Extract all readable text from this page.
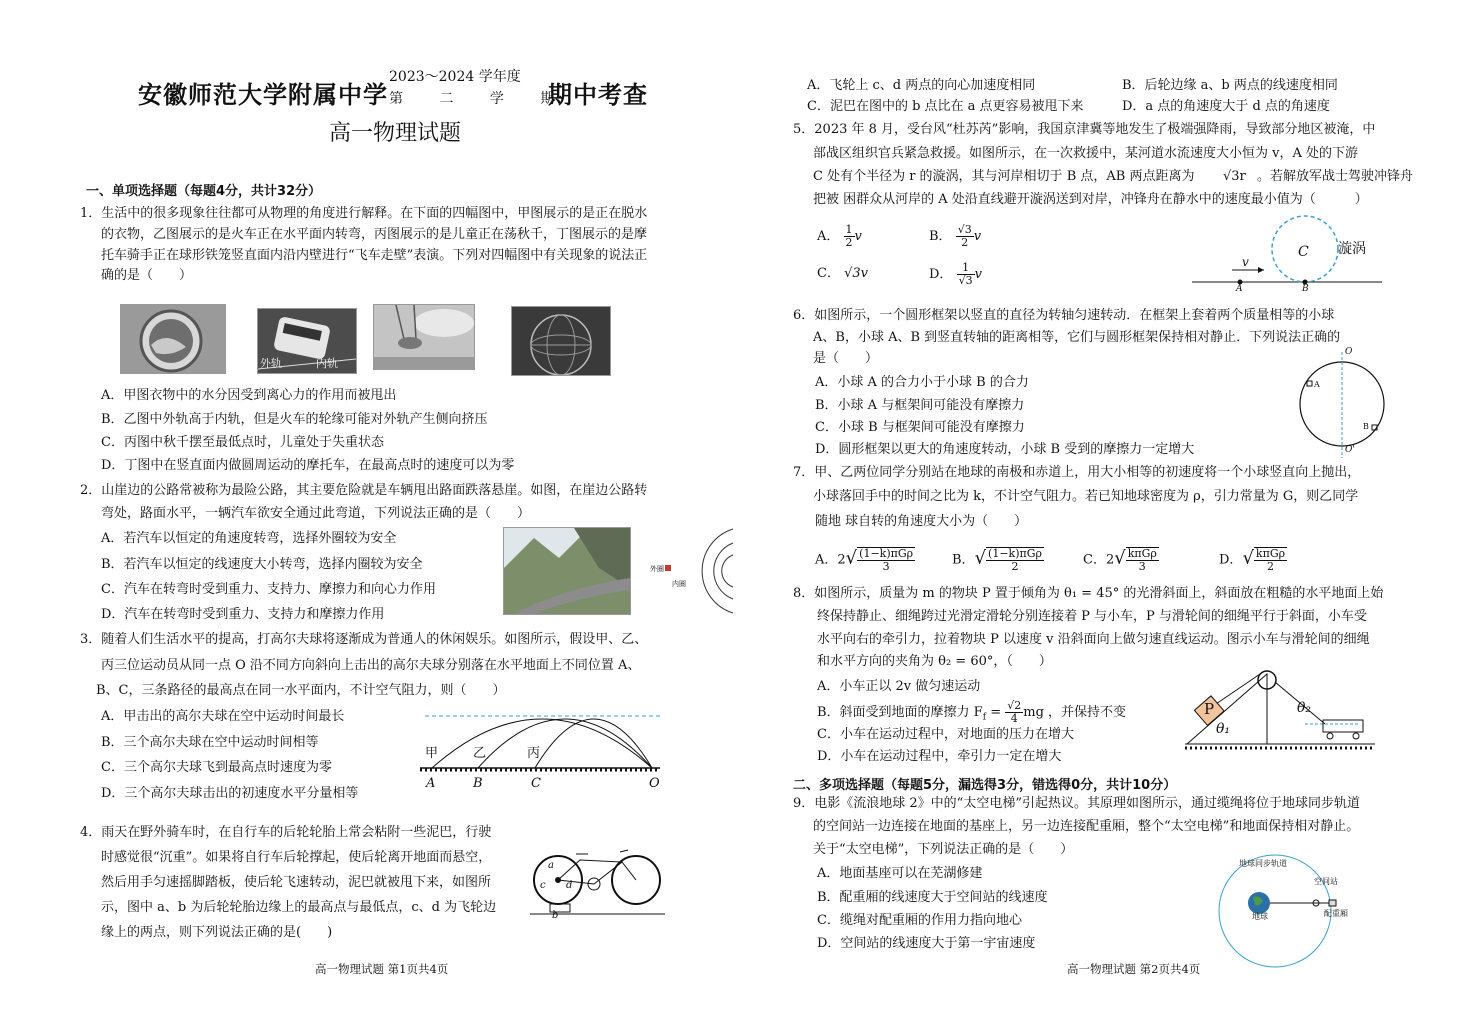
安徽师范大学附属中学
2023～2024 学年度
第 二 学 期
期中考查
高一物理试题
一、单项选择题（每题4分，共计32分）
1．生活中的很多现象往往都可从物理的角度进行解释。在下面的四幅图中，甲图展示的是正在脱水
的衣物，乙图展示的是火车正在水平面内转弯，丙图展示的是儿童正在荡秋千，丁图展示的是摩
托车骑手正在球形铁笼竖直面内沿内壁进行“飞车走壁”表演。下列对四幅图中有关现象的说法正
确的是（　　）
外轨	内轨
A．甲图衣物中的水分因受到离心力的作用而被甩出
B．乙图中外轨高于内轨，但是火车的轮缘可能对外轨产生侧向挤压
C．丙图中秋千摆至最低点时，儿童处于失重状态
D．丁图中在竖直面内做圆周运动的摩托车，在最高点时的速度可以为零
2．山崖边的公路常被称为最险公路，其主要危险就是车辆甩出路面跌落悬崖。如图，在崖边公路转
弯处，路面水平，一辆汽车欲安全通过此弯道，下列说法正确的是（　　）
A．若汽车以恒定的角速度转弯，选择外圈较为安全
B．若汽车以恒定的线速度大小转弯，选择内圈较为安全
C．汽车在转弯时受到重力、支持力、摩擦力和向心力作用
D．汽车在转弯时受到重力、支持力和摩擦力作用
外圈
内圈
3．随着人们生活水平的提高，打高尔夫球将逐渐成为普通人的休闲娱乐。如图所示，假设甲、乙、
丙三位运动员从同一点 O 沿不同方向斜向上击出的高尔夫球分别落在水平地面上不同位置 A、
B、C，三条路径的最高点在同一水平面内，不计空气阻力，则（　　）
A．甲击出的高尔夫球在空中运动时间最长
B．三个高尔夫球在空中运动时间相等
C．三个高尔夫球飞到最高点时速度为零
D．三个高尔夫球击出的初速度水平分量相等
甲	乙	丙
A	B	C	O
4．雨天在野外骑车时，在自行车的后轮轮胎上常会粘附一些泥巴，行驶
时感觉很“沉重”。如果将自行车后轮撑起，使后轮离开地面而悬空，
然后用手匀速摇脚踏板，使后轮飞速转动，泥巴就被甩下来，如图所
示，图中 a、b 为后轮轮胎边缘上的最高点与最低点，c、d 为飞轮边
缘上的两点，则下列说法正确的是(　　)
a
b
c d
高一物理试题 第1页共4页
A．飞轮上 c、d 两点的向心加速度相同	B．后轮边缘 a、b 两点的线速度相同
C．泥巴在图中的 b 点比在 a 点更容易被甩下来	D．a 点的角速度大于 d 点的角速度
5．2023 年 8 月，受台风“杜苏芮”影响，我国京津冀等地发生了极端强降雨，导致部分地区被淹，中
部战区组织官兵紧急救援。如图所示，在一次救援中，某河道水流速度大小恒为 v，A 处的下游
C 处有个半径为 r 的漩涡，其与河岸相切于 B 点，AB 两点距离为 √3r 。若解放军战士驾驶冲锋舟
把被 困群众从河岸的 A 处沿直线避开漩涡送到对岸，冲锋舟在静水中的速度最小值为（　　　）
A． $\frac{1}{2}$ v	B． $\frac{√3}{2}$ v
C． √3v	D． $\frac{1}{√3}$ v
C 漩涡
v
A	B
6．如图所示，一个圆形框架以竖直的直径为转轴匀速转动．在框架上套着两个质量相等的小球
A、B，小球 A、B 到竖直转轴的距离相等，它们与圆形框架保持相对静止．下列说法正确的
是（　　）
A．小球 A 的合力小于小球 B 的合力
B．小球 A 与框架间可能没有摩擦力
C．小球 B 与框架间可能没有摩擦力
D．圆形框架以更大的角速度转动，小球 B 受到的摩擦力一定增大
O
O'
A
B
7．甲、乙两位同学分别站在地球的南极和赤道上，用大小相等的初速度将一个小球竖直向上抛出，
小球落回手中的时间之比为 k，不计空气阻力。若已知地球密度为 ρ，引力常量为 G，则乙同学
随地 球自转的角速度大小为（　　）
A．$2√ \frac{\text{(1−k)πGρ}}{3}$	B．√ $\frac{\text{(1−k)πGρ}}{2}$	C．$2√ \frac{\text{kπGρ}}{3}$	D．√ $\frac{\text{kπGρ}}{2}$
8．如图所示，质量为 m 的物块 P 置于倾角为 θ₁ = 45° 的光滑斜面上，斜面放在粗糙的水平地面上始
终保持静止、细绳跨过光滑定滑轮分别连接着 P 与小车，P 与滑轮间的细绳平行于斜面，小车受
水平向右的牵引力，拉着物块 P 以速度 v 沿斜面向上做匀速直线运动。图示小车与滑轮间的细绳
和水平方向的夹角为 θ₂ = 60°，（　　）
A．小车正以 2v 做匀速运动
B．斜面受到地面的摩擦力 $F_f = \frac{√2}{4}$ mg ，并保持不变
C．小车在运动过程中，对地面的压力在增大
D．小车在运动过程中，牵引力一定在增大
P
θ₁
θ₂
二、多项选择题（每题5分，漏选得3分，错选得0分，共计10分）
9．电影《流浪地球 2》中的“太空电梯”引起热议。其原理如图所示，通过缆绳将位于地球同步轨道
的空间站一边连接在地面的基座上，另一边连接配重厢，整个“太空电梯”和地面保持相对静止。
关于“太空电梯”，下列说法正确的是（　　）
A．地面基座可以在芜湖修建
B．配重厢的线速度大于空间站的线速度
C．缆绳对配重厢的作用力指向地心
D．空间站的线速度大于第一宇宙速度
地球同步轨道
空间站
地球	配重厢
高一物理试题 第2页共4页
